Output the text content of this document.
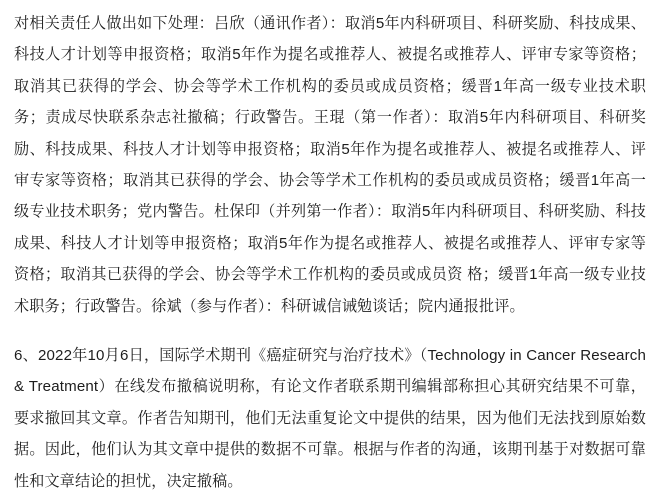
对相关责任人做出如下处理：吕欣（通讯作者）：取消5年内科研项目、科研奖励、科技成果、科技人才计划等申报资格；取消5年作为提名或推荐人、被提名或推荐人、评审专家等资格；取消其已获得的学会、协会等学术工作机构的委员或成员资格；缓晋1年高一级专业技术职务；责成尽快联系杂志社撤稿；行政警告。王琨（第一作者）：取消5年内科研项目、科研奖励、科技成果、科技人才计划等申报资格；取消5年作为提名或推荐人、被提名或推荐人、评审专家等资格；取消其已获得的学会、协会等学术工作机构的委员或成员资格；缓晋1年高一级专业技术职务；党内警告。杜保印（并列第一作者）：取消5年内科研项目、科研奖励、科技成果、科技人才计划等申报资格；取消5年作为提名或推荐人、被提名或推荐人、评审专家等资格；取消其已获得的学会、协会等学术工作机构的委员或成员资 格；缓晋1年高一级专业技术职务；行政警告。徐斌（参与作者）：科研诚信诫勉谈话；院内通报批评。

6、2022年10月6日，国际学术期刊《癌症研究与治疗技术》（Technology in Cancer Research & Treatment）在线发布撤稿说明称，有论文作者联系期刊编辑部称担心其研究结果不可靠，要求撤回其文章。作者告知期刊，他们无法重复论文中提供的结果，因为他们无法找到原始数据。因此，他们认为其文章中提供的数据不可靠。根据与作者的沟通，该期刊基于对数据可靠性和文章结论的担忧，决定撤稿。
